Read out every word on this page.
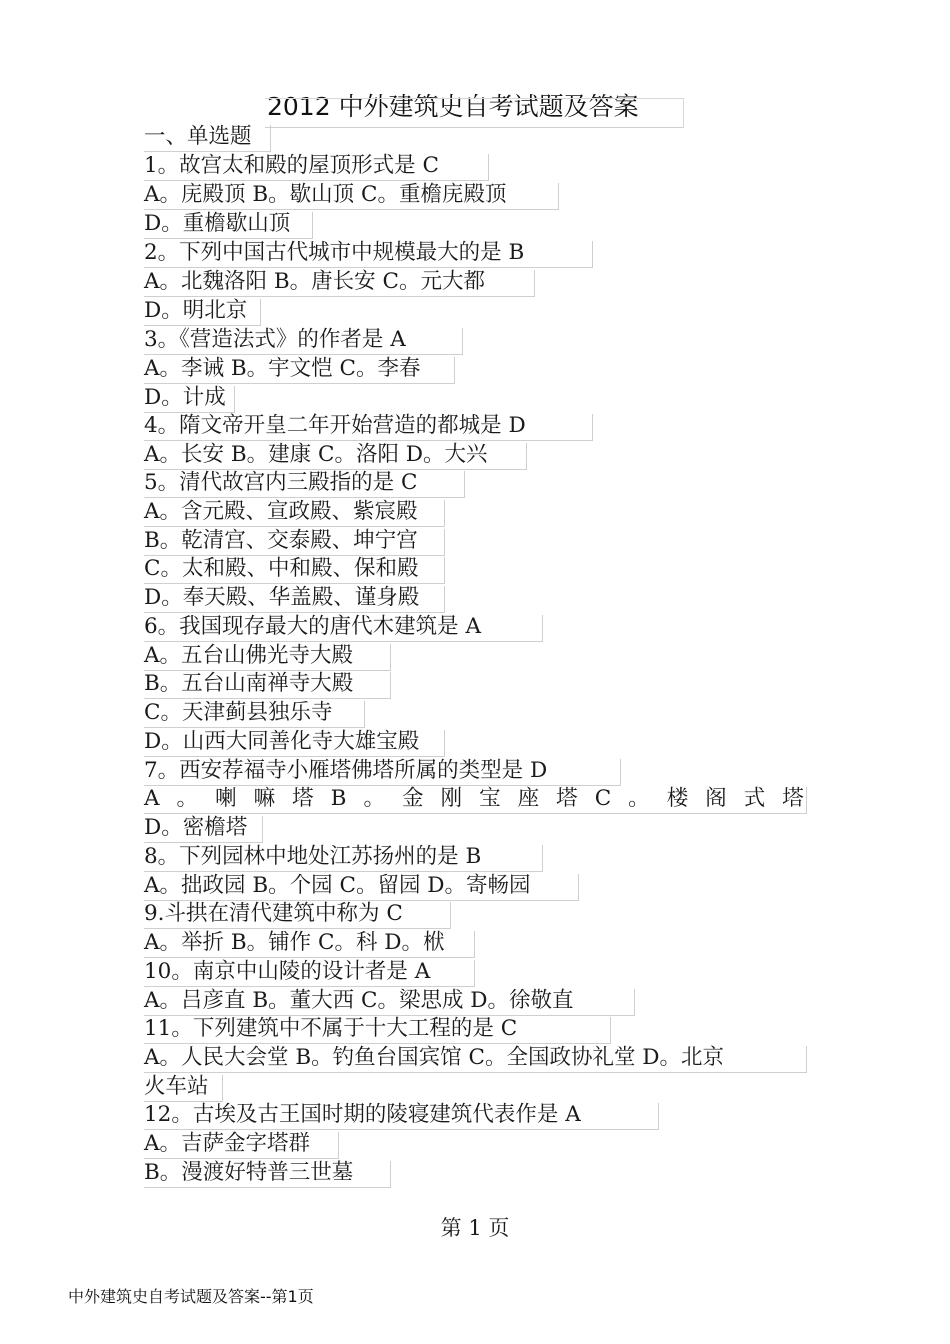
2012 中外建筑史自考试题及答案
一、单选题
1。故宫太和殿的屋顶形式是 C
A。庑殿顶 B。歇山顶 C。重檐庑殿顶
D。重檐歇山顶
2。下列中国古代城市中规模最大的是 B
A。北魏洛阳 B。唐长安 C。元大都
D。明北京
3。《营造法式》的作者是 A
A。李诫 B。宇文恺 C。李春
D。计成
4。隋文帝开皇二年开始营造的都城是 D
A。长安 B。建康 C。洛阳 D。大兴
5。清代故宫内三殿指的是 C
A。含元殿、宣政殿、紫宸殿
B。乾清宫、交泰殿、坤宁宫
C。太和殿、中和殿、保和殿
D。奉天殿、华盖殿、谨身殿
6。我国现存最大的唐代木建筑是 A
A。五台山佛光寺大殿
B。五台山南禅寺大殿
C。天津蓟县独乐寺
D。山西大同善化寺大雄宝殿
7。西安荐福寺小雁塔佛塔所属的类型是 D
A 。 喇 嘛 塔 B 。 金 刚 宝 座 塔 C 。 楼 阁 式 塔
D。密檐塔
8。下列园林中地处江苏扬州的是 B
A。拙政园 B。个园 C。留园 D。寄畅园
9.斗拱在清代建筑中称为 C
A。举折 B。铺作 C。科 D。栿
10。南京中山陵的设计者是 A
A。吕彦直 B。董大西 C。梁思成 D。徐敬直
11。下列建筑中不属于十大工程的是 C
A。人民大会堂 B。钓鱼台国宾馆 C。全国政协礼堂 D。北京
火车站
12。古埃及古王国时期的陵寝建筑代表作是 A
A。吉萨金字塔群
B。漫渡好特普三世墓
第 1 页
中外建筑史自考试题及答案--第1页
